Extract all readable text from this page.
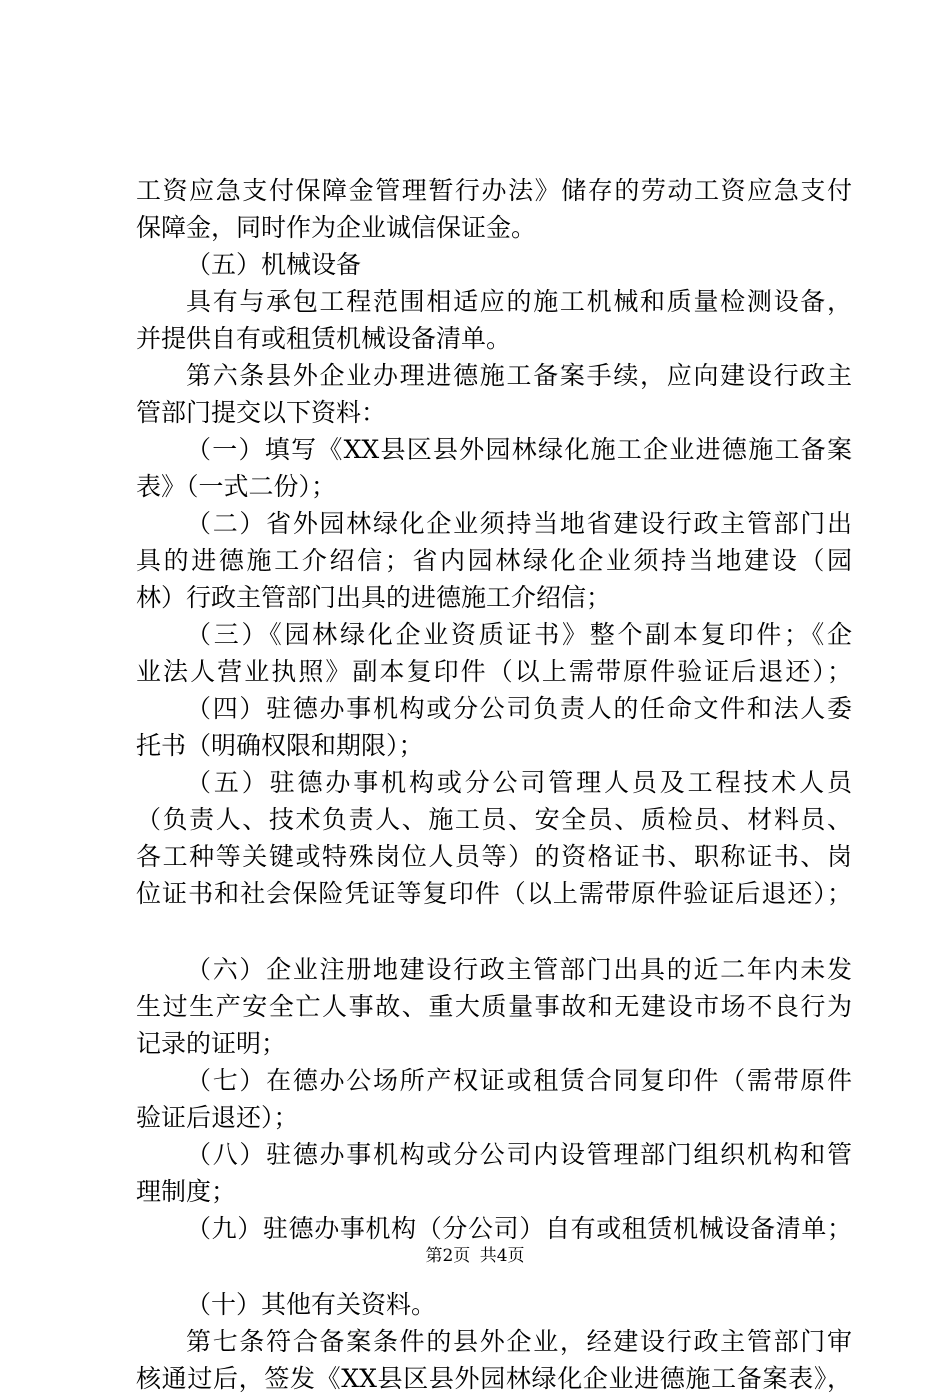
工资应急支付保障金管理暂行办法》储存的劳动工资应急支付
保障金，同时作为企业诚信保证金。
（五）机械设备
具有与承包工程范围相适应的施工机械和质量检测设备，
并提供自有或租赁机械设备清单。
第六条县外企业办理进德施工备案手续，应向建设行政主
管部门提交以下资料：
（一）填写《XX县区县外园林绿化施工企业进德施工备案
表》（一式二份）；
（二）省外园林绿化企业须持当地省建设行政主管部门出
具的进德施工介绍信；省内园林绿化企业须持当地建设（园
林）行政主管部门出具的进德施工介绍信；
（三）《园林绿化企业资质证书》整个副本复印件；《企
业法人营业执照》副本复印件（以上需带原件验证后退还）；
（四）驻德办事机构或分公司负责人的任命文件和法人委
托书（明确权限和期限）；
（五）驻德办事机构或分公司管理人员及工程技术人员
（负责人、技术负责人、施工员、安全员、质检员、材料员、
各工种等关键或特殊岗位人员等）的资格证书、职称证书、岗
位证书和社会保险凭证等复印件（以上需带原件验证后退还）；
（六）企业注册地建设行政主管部门出具的近二年内未发
生过生产安全亡人事故、重大质量事故和无建设市场不良行为
记录的证明；
（七）在德办公场所产权证或租赁合同复印件（需带原件
验证后退还）；
（八）驻德办事机构或分公司内设管理部门组织机构和管
理制度；
（九）驻德办事机构（分公司）自有或租赁机械设备清单；
（十）其他有关资料。
第七条符合备案条件的县外企业，经建设行政主管部门审
核通过后，签发《XX县区县外园林绿化企业进德施工备案表》，
第2页 共4页
